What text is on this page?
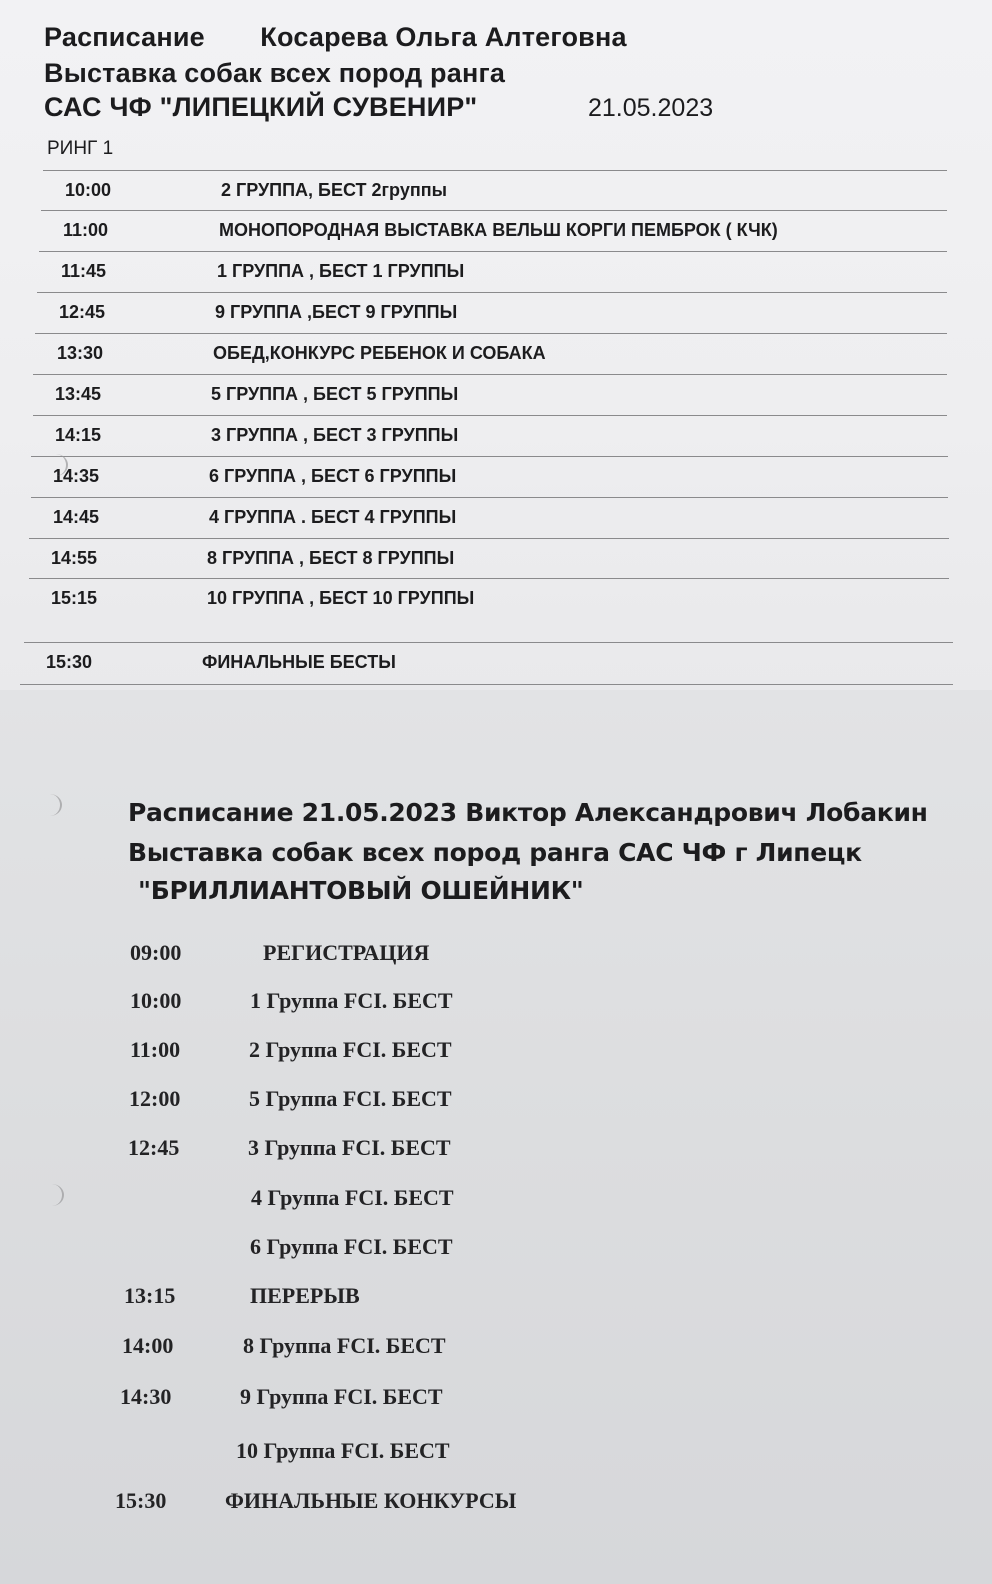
Расписание Косарева Ольга Алтеговна
Выставка собак всех пород ранга
САС ЧФ "ЛИПЕЦКИЙ СУВЕНИР"	21.05.2023
РИНГ 1
10:00	2 ГРУППА, БЕСТ 2группы
11:00	МОНОПОРОДНАЯ ВЫСТАВКА ВЕЛЬШ КОРГИ ПЕМБРОК ( КЧК)
11:45	1 ГРУППА , БЕСТ 1 ГРУППЫ
12:45	9 ГРУППА ,БЕСТ 9 ГРУППЫ
13:30	ОБЕД,КОНКУРС РЕБЕНОК И СОБАКА
13:45	5 ГРУППА , БЕСТ 5 ГРУППЫ
14:15	3 ГРУППА , БЕСТ 3 ГРУППЫ
14:35	6 ГРУППА , БЕСТ 6 ГРУППЫ
14:45	4 ГРУППА . БЕСТ 4 ГРУППЫ
14:55	8 ГРУППА , БЕСТ 8 ГРУППЫ
15:15	10 ГРУППА , БЕСТ 10 ГРУППЫ
15:30	ФИНАЛЬНЫЕ БЕСТЫ
Расписание 21.05.2023 Виктор Александрович Лобакин
Выставка собак всех пород ранга САС ЧФ г Липецк
"БРИЛЛИАНТОВЫЙ ОШЕЙНИК"
09:00	РЕГИСТРАЦИЯ
10:00	1 Группа FCI. БЕСТ
11:00	2 Группа FCI. БЕСТ
12:00	5 Группа FCI. БЕСТ
12:45	3 Группа FCI. БЕСТ
4 Группа FCI. БЕСТ
6 Группа FCI. БЕСТ
13:15	ПЕРЕРЫВ
14:00	8 Группа FCI. БЕСТ
14:30	9 Группа FCI. БЕСТ
10 Группа FCI. БЕСТ
15:30	ФИНАЛЬНЫЕ КОНКУРСЫ
